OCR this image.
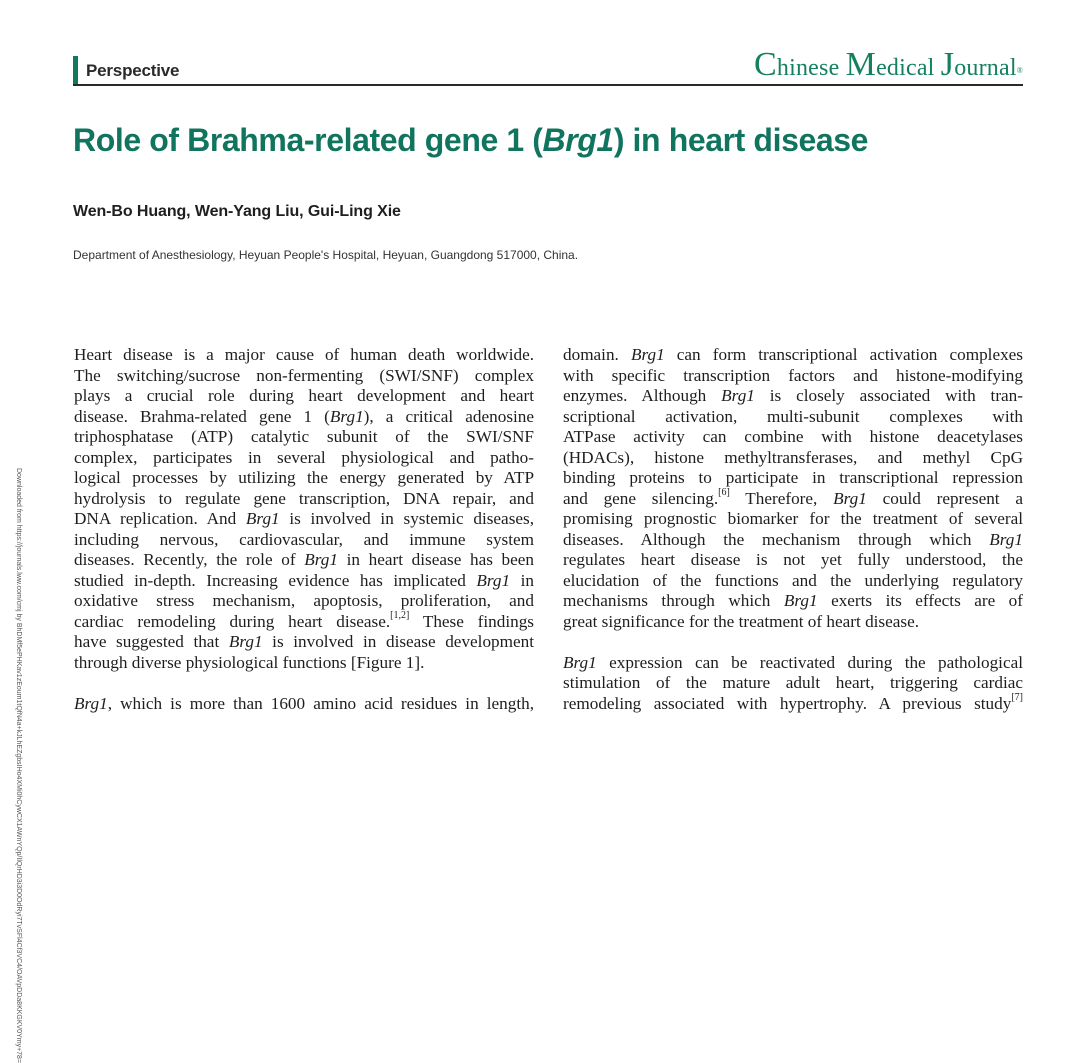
Perspective	Chinese Medical Journal®
Role of Brahma-related gene 1 (Brg1) in heart disease
Wen-Bo Huang, Wen-Yang Liu, Gui-Ling Xie
Department of Anesthesiology, Heyuan People's Hospital, Heyuan, Guangdong 517000, China.
Downloaded from https://journals.lww.com/cmj by BhDMf5ePHKav1zEoum1tQfN4a+kJLhEZgbsIHo4XMi0hCywCX1AWnYQp/IlQrHD3i3D0OdRyi7TvSFl4Cf3VC4/OAVpDDa8KKGKV0Ymy+78=
Heart disease is a major cause of human death worldwide.
The switching/sucrose non-fermenting (SWI/SNF) complex
plays a crucial role during heart development and heart
disease. Brahma-related gene 1 (Brg1), a critical adenosine
triphosphatase (ATP) catalytic subunit of the SWI/SNF
complex, participates in several physiological and patho-
logical processes by utilizing the energy generated by ATP
hydrolysis to regulate gene transcription, DNA repair, and
DNA replication. And Brg1 is involved in systemic diseases,
including nervous, cardiovascular, and immune system
diseases. Recently, the role of Brg1 in heart disease has been
studied in-depth. Increasing evidence has implicated Brg1 in
oxidative stress mechanism, apoptosis, proliferation, and
cardiac remodeling during heart disease.[1,2] These findings
have suggested that Brg1 is involved in disease development
through diverse physiological functions [Figure 1].
Brg1, which is more than 1600 amino acid residues in length,
domain. Brg1 can form transcriptional activation complexes
with specific transcription factors and histone-modifying
enzymes. Although Brg1 is closely associated with tran-
scriptional activation, multi-subunit complexes with
ATPase activity can combine with histone deacetylases
(HDACs), histone methyltransferases, and methyl CpG
binding proteins to participate in transcriptional repression
and gene silencing.[6] Therefore, Brg1 could represent a
promising prognostic biomarker for the treatment of several
diseases. Although the mechanism through which Brg1
regulates heart disease is not yet fully understood, the
elucidation of the functions and the underlying regulatory
mechanisms through which Brg1 exerts its effects are of
great significance for the treatment of heart disease.
Brg1 expression can be reactivated during the pathological
stimulation of the mature adult heart, triggering cardiac
remodeling associated with hypertrophy. A previous study[7]
